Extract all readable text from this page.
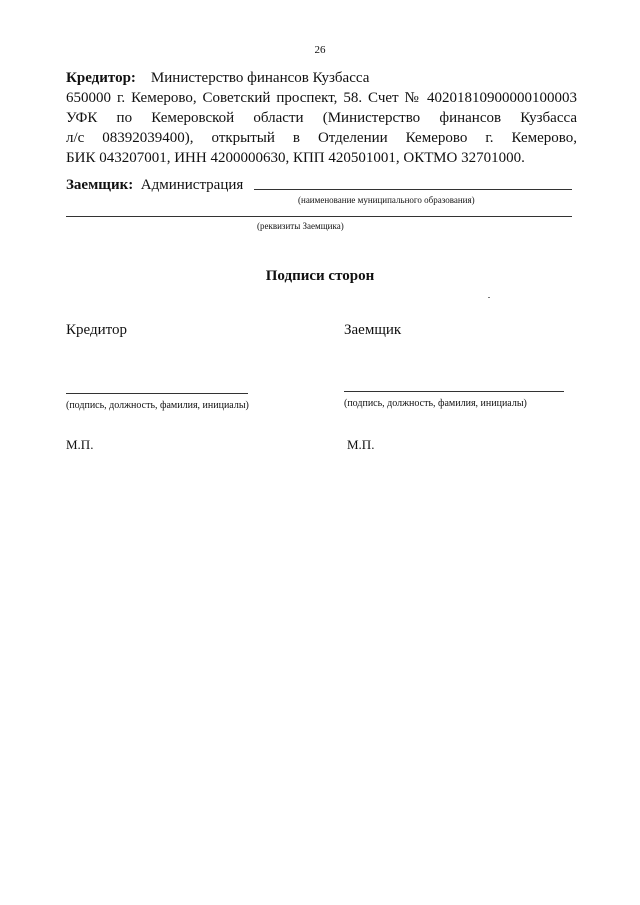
26
Кредитор: Министерство финансов Кузбасса
650000 г. Кемерово, Советский проспект, 58. Счет № 40201810900000100003
УФК по Кемеровской области (Министерство финансов Кузбасса
л/с 08392039400), открытый в Отделении Кемерово г. Кемерово,
БИК 043207001, ИНН 4200000630, КПП 420501001, ОКТМО 32701000.
Заемщик: Администрация
(наименование муниципального образования)
(реквизиты Заемщика)
Подписи сторон
Кредитор	Заемщик
(подпись, должность, фамилия, инициалы)	(подпись, должность, фамилия, инициалы)
М.П.	М.П.
